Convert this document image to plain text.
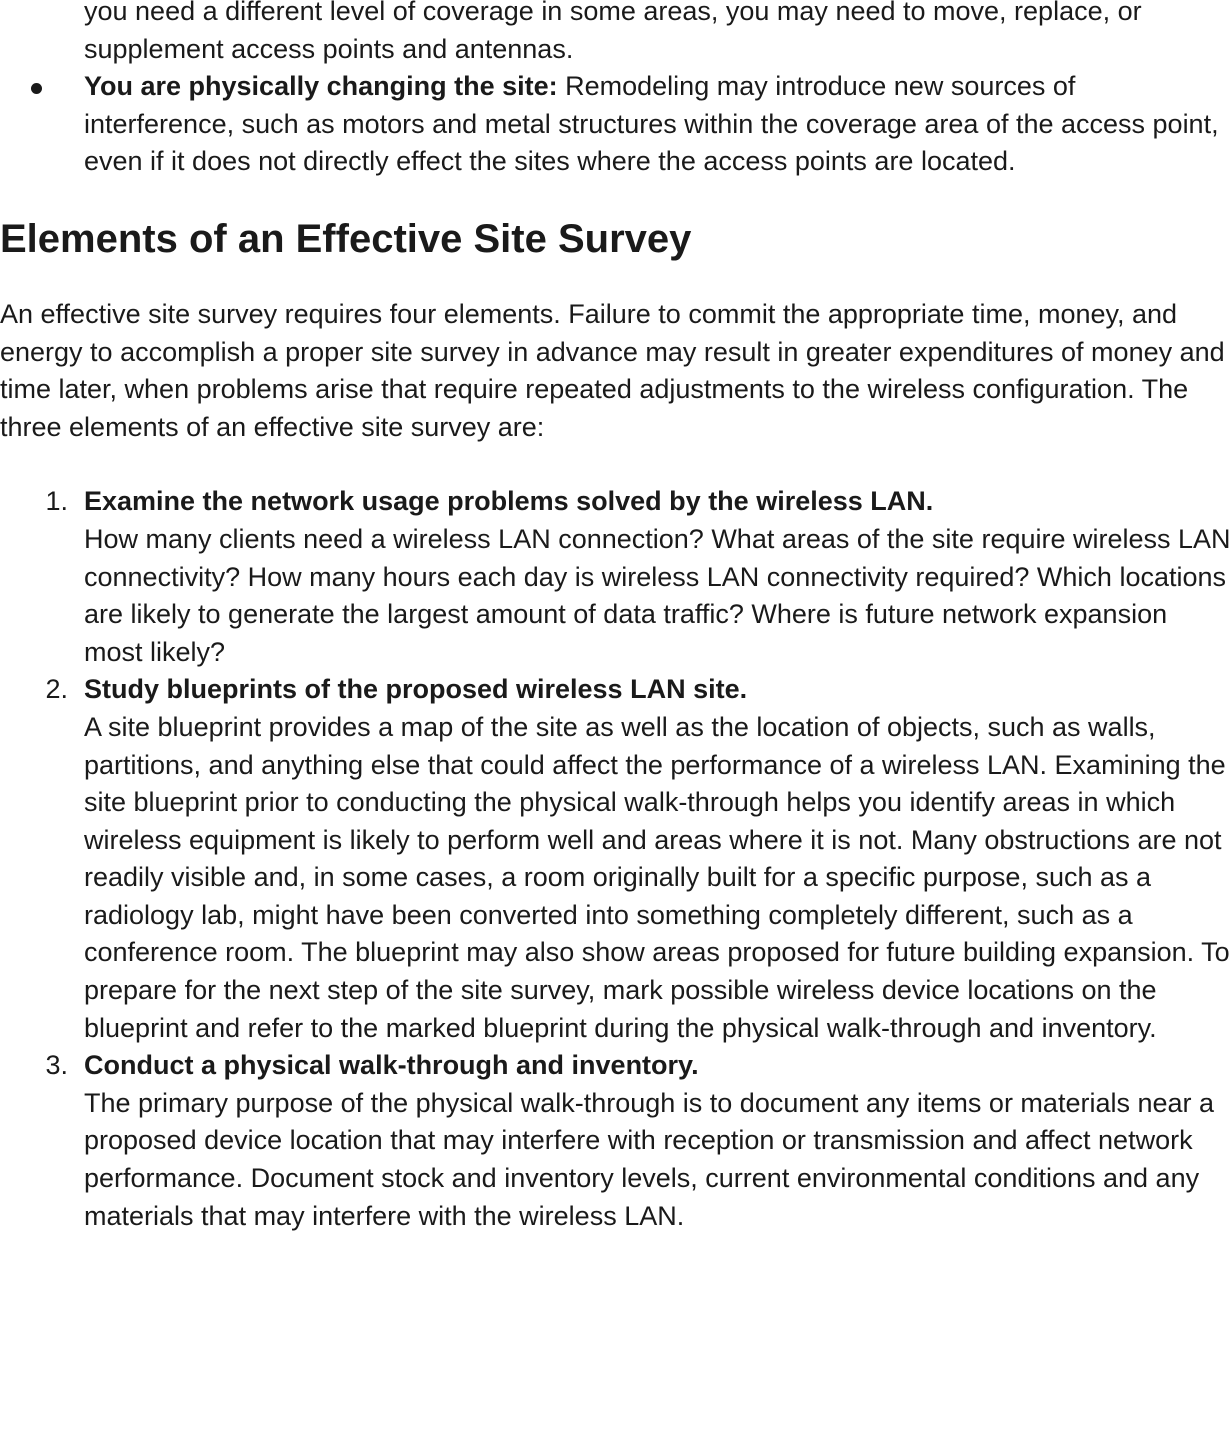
you need a different level of coverage in some areas, you may need to move, replace, or supplement access points and antennas.
You are physically changing the site: Remodeling may introduce new sources of interference, such as motors and metal structures within the coverage area of the access point, even if it does not directly effect the sites where the access points are located.
Elements of an Effective Site Survey

An effective site survey requires four elements. Failure to commit the appropriate time, money, and energy to accomplish a proper site survey in advance may result in greater expenditures of money and time later, when problems arise that require repeated adjustments to the wireless configuration. The three elements of an effective site survey are:

1. Examine the network usage problems solved by the wireless LAN.
How many clients need a wireless LAN connection? What areas of the site require wireless LAN connectivity? How many hours each day is wireless LAN connectivity required? Which locations are likely to generate the largest amount of data traffic? Where is future network expansion most likely?
2. Study blueprints of the proposed wireless LAN site.
A site blueprint provides a map of the site as well as the location of objects, such as walls, partitions, and anything else that could affect the performance of a wireless LAN. Examining the site blueprint prior to conducting the physical walk-through helps you identify areas in which wireless equipment is likely to perform well and areas where it is not. Many obstructions are not readily visible and, in some cases, a room originally built for a specific purpose, such as a radiology lab, might have been converted into something completely different, such as a conference room. The blueprint may also show areas proposed for future building expansion. To prepare for the next step of the site survey, mark possible wireless device locations on the blueprint and refer to the marked blueprint during the physical walk-through and inventory.
3. Conduct a physical walk-through and inventory.
The primary purpose of the physical walk-through is to document any items or materials near a proposed device location that may interfere with reception or transmission and affect network performance. Document stock and inventory levels, current environmental conditions and any materials that may interfere with the wireless LAN.
